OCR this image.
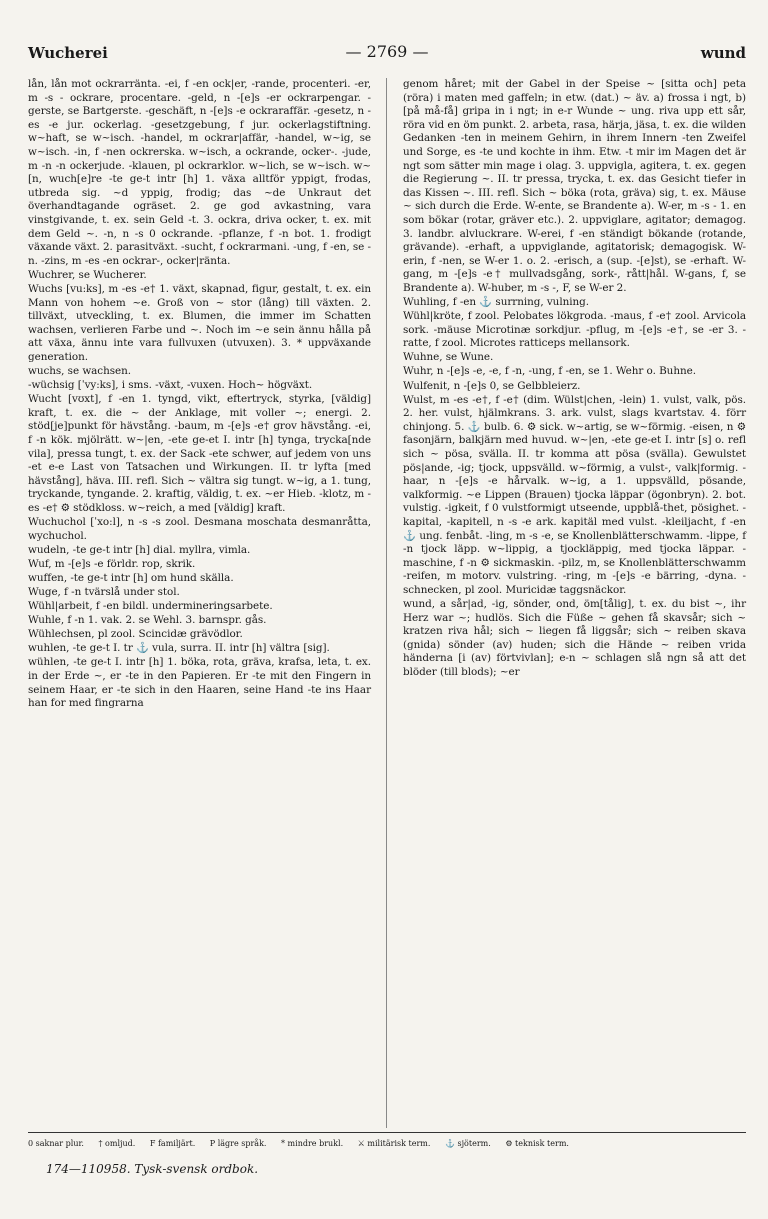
Wucherei	— 2769 —	wund

lån, lån mot ockrarränta. -ei, f -en ock|er, -rande, procenteri. -er, m -s - ockrare, procentare. -geld, n -[e]s -er ockrarpengar. -gerste, se Bartgerste. -geschäft, n -[e]s -e ockraraffär. -gesetz, n -es -e jur. ockerlag. -gesetzgebung, f jur. ockerlagstiftning. w~haft, se w~isch. -handel, m ockrar|affär, -handel, w~ig, se w~isch. -in, f -nen ockrerska. w~isch, a ockrande, ocker-. -jude, m -n -n ockerjude. -klauen, pl ockrarklor. w~lich, se w~isch. w~[n, wuch[e]re -te ge-t intr [h] 1. växa alltför yppigt, frodas, utbreda sig. ~d yppig, frodig; das ~de Unkraut det överhandtagande ogräset. 2. ge god avkastning, vara vinstgivande, t. ex. sein Geld -t. 3. ockra, driva ocker, t. ex. mit dem Geld ~. -n, n -s 0 ockrande. -pflanze, f -n bot. 1. frodigt växande växt. 2. parasitväxt. -sucht, f ockrarmani. -ung, f -en, se -n. -zins, m -es -en ockrar-, ocker|ränta.

Wuchrer, se Wucherer.

Wuchs [vu:ks], m -es -e† 1. växt, skapnad, figur, gestalt, t. ex. ein Mann von hohem ~e. Groß von ~ stor (lång) till växten. 2. tillväxt, utveckling, t. ex. Blumen, die immer im Schatten wachsen, verlieren Farbe und ~. Noch im ~e sein ännu hålla på att växa, ännu inte vara fullvuxen (utvuxen). 3. * uppväxande generation.

wuchs, se wachsen.

-wüchsig [ˈvy:ks], i sms. -växt, -vuxen. Hoch~ högväxt.

Wucht [vʊxt], f -en 1. tyngd, vikt, eftertryck, styrka, [väldig] kraft, t. ex. die ~ der Anklage, mit voller ~; energi. 2. stöd[je]punkt för hävstång. -baum, m -[e]s -e† grov hävstång. -ei, f -n kök. mjölrätt. w~|en, -ete ge-et I. intr [h] tynga, trycka[nde vila], pressa tungt, t. ex. der Sack -ete schwer, auf jedem von uns -et e-e Last von Tatsachen und Wirkungen. II. tr lyfta [med hävstång], häva. III. refl. Sich ~ vältra sig tungt. w~ig, a 1. tung, tryckande, tyngande. 2. kraftig, väldig, t. ex. ~er Hieb. -klotz, m -es -e† ⚙ stödkloss. w~reich, a med [väldig] kraft.

Wuchuchol [ˈxo:l], n -s -s zool. Desmana moschata desmanråtta, wychuchol.

wudeln, -te ge-t intr [h] dial. myllra, vimla.

Wuf, m -[e]s -e förldr. rop, skrik.

wuffen, -te ge-t intr [h] om hund skälla.

Wuge, f -n tvärslå under stol.

Wühl|arbeit, f -en bildl. undermineringsarbete.

Wuhle, f -n 1. vak. 2. se Wehl. 3. barnspr. gås.

Wühlechsen, pl zool. Scincidæ grävödlor.

wuhlen, -te ge-t I. tr ⚓ vula, surra. II. intr [h] vältra [sig].

wühlen, -te ge-t I. intr [h] 1. böka, rota, gräva, krafsa, leta, t. ex. in der Erde ~, er -te in den Papieren. Er -te mit den Fingern in seinem Haar, er -te sich in den Haaren, seine Hand -te ins Haar han for med fingrarna

genom håret; mit der Gabel in der Speise ~ [sitta och] peta (röra) i maten med gaffeln; in etw. (dat.) ~ äv. a) frossa i ngt, b) [på må-få] gripa in i ngt; in e-r Wunde ~ ung. riva upp ett sår, röra vid en öm punkt. 2. arbeta, rasa, härja, jäsa, t. ex. die wilden Gedanken -ten in meinem Gehirn, in ihrem Innern -ten Zweifel und Sorge, es -te und kochte in ihm. Etw. -t mir im Magen det är ngt som sätter min mage i olag. 3. uppvigla, agitera, t. ex. gegen die Regierung ~. II. tr pressa, trycka, t. ex. das Gesicht tiefer in das Kissen ~. III. refl. Sich ~ böka (rota, gräva) sig, t. ex. Mäuse ~ sich durch die Erde. W-ente, se Brandente a). W-er, m -s - 1. en som bökar (rotar, gräver etc.). 2. uppviglare, agitator; demagog. 3. landbr. alvluckrare. W-erei, f -en ständigt bökande (rotande, grävande). -erhaft, a uppviglande, agitatorisk; demagogisk. W-erin, f -nen, se W-er 1. o. 2. -erisch, a (sup. -[e]st), se -erhaft. W-gang, m -[e]s -e† mullvadsgång, sork-, rått|hål. W-gans, f, se Brandente a). W-huber, m -s -, F, se W-er 2.

Wuhling, f -en ⚓ surrning, vulning.

Wühl|kröte, f zool. Pelobates lökgroda. -maus, f -e† zool. Arvicola sork. -mäuse Microtinæ sorkdjur. -pflug, m -[e]s -e†, se -er 3. -ratte, f zool. Microtes ratticeps mellansork.

Wuhne, se Wune.

Wuhr, n -[e]s -e, -e, f -n, -ung, f -en, se 1. Wehr o. Buhne.

Wulfenit, n -[e]s 0, se Gelbbleierz.

Wulst, m -es -e†, f -e† (dim. Wülst|chen, -lein) 1. vulst, valk, pös. 2. her. vulst, hjälmkrans. 3. ark. vulst, slags kvartstav. 4. förr chinjong. 5. ⚓ bulb. 6. ⚙ sick. w~artig, se w~förmig. -eisen, n ⚙ fasonjärn, balkjärn med huvud. w~|en, -ete ge-et I. intr [s] o. refl sich ~ pösa, svälla. II. tr komma att pösa (svälla). Gewulstet pös|ande, -ig; tjock, uppsvälld. w~förmig, a vulst-, valk|formig. -haar, n -[e]s -e hårvalk. w~ig, a 1. uppsvälld, pösande, valkformig. ~e Lippen (Brauen) tjocka läppar (ögonbryn). 2. bot. vulstig. -igkeit, f 0 vulstformigt utseende, uppblå-thet, pösighet. -kapital, -kapitell, n -s -e ark. kapitäl med vulst. -kleiljacht, f -en ⚓ ung. fenbåt. -ling, m -s -e, se Knollenblätterschwamm. -lippe, f -n tjock läpp. w~lippig, a tjockläppig, med tjocka läppar. -maschine, f -n ⚙ sickmaskin. -pilz, m, se Knollenblätterschwamm -reifen, m motorv. vulstring. -ring, m -[e]s -e bärring, -dyna. -schnecken, pl zool. Muricidæ taggsnäckor.

wund, a sår|ad, -ig, sönder, ond, öm[tålig], t. ex. du bist ~, ihr Herz war ~; hudlös. Sich die Füße ~ gehen få skavsår; sich ~ kratzen riva hål; sich ~ liegen få liggsår; sich ~ reiben skava (gnida) sönder (av) huden; sich die Hände ~ reiben vrida händerna [i (av) förtvivlan]; e-n ~ schlagen slå ngn så att det blöder (till blods); ~er

0 saknar plur. † omljud. F familjärt. P lägre språk. * mindre brukl. ⚔ militärisk term. ⚓ sjöterm. ⚙ teknisk term.
174—110958. Tysk-svensk ordbok.
